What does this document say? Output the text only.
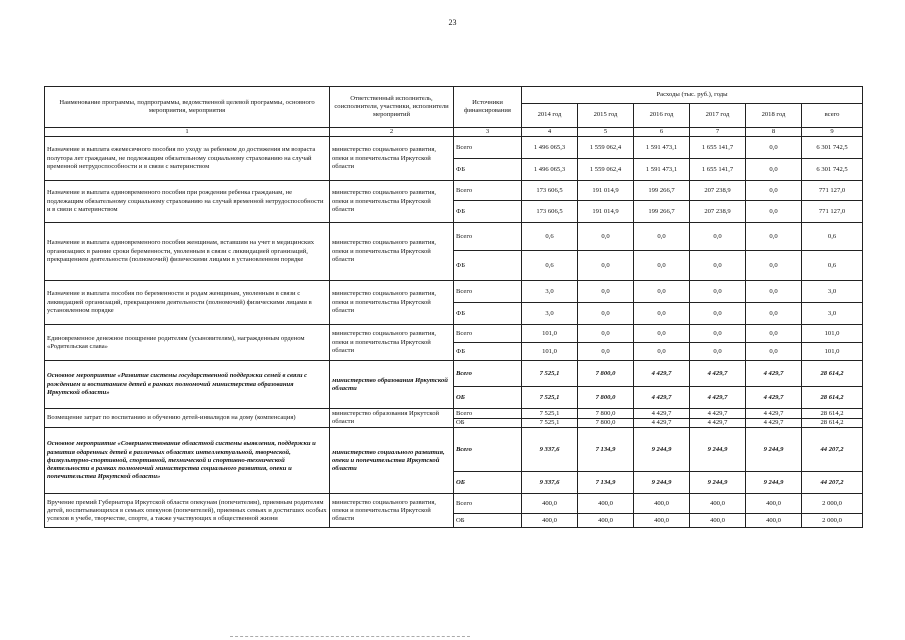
23
Наименование программы, подпрограммы, ведомственной целевой программы, основного мероприятия, мероприятия	Ответственный исполнитель, соисполнители, участники, исполнители мероприятий	Источники финансирования	Расходы (тыс. руб.), годы					
			2014 год	2015 год	2016 год	2017 год	2018 год	всего
1	2	3	4	5	6	7	8	9
Назначение и выплата ежемесячного пособия по уходу за ребенком до достижения им возраста полутора лет гражданам, не подлежащим обязательному социальному страхованию на случай временной нетрудоспособности и в связи с материнством	министерство социального развития, опеки и попечительства Иркутской области	Всего	1 496 065,3	1 559 062,4	1 591 473,1	1 655 141,7	0,0	6 301 742,5
		ФБ	1 496 065,3	1 559 062,4	1 591 473,1	1 655 141,7	0,0	6 301 742,5
Назначение и выплата единовременного пособия при рождении ребенка гражданам, не подлежащим обязательному социальному страхованию на случай временной нетрудоспособности и в связи с материнством	министерство социального развития, опеки и попечительства Иркутской области	Всего	173 606,5	191 014,9	199 266,7	207 238,9	0,0	771 127,0
		ФБ	173 606,5	191 014,9	199 266,7	207 238,9	0,0	771 127,0
Назначение и выплата единовременного пособия женщинам, вставшим на учет в медицинских организациях в ранние сроки беременности, уволенным в связи с ликвидацией организаций, прекращением деятельности (полномочий) физическими лицами в установленном порядке	министерство социального развития, опеки и попечительства Иркутской области	Всего	0,6	0,0	0,0	0,0	0,0	0,6
		ФБ	0,6	0,0	0,0	0,0	0,0	0,6
Назначение и выплата пособия по беременности и родам женщинам, уволенным в связи с ликвидацией организаций, прекращением деятельности (полномочий) физическими лицами в установленном порядке	министерство социального развития, опеки и попечительства Иркутской области	Всего	3,0	0,0	0,0	0,0	0,0	3,0
		ФБ	3,0	0,0	0,0	0,0	0,0	3,0
Единовременное денежное поощрение родителям (усыновителям), награжденным орденом «Родительская слава»	министерство социального развития, опеки и попечительства Иркутской области	Всего	101,0	0,0	0,0	0,0	0,0	101,0
		ФБ	101,0	0,0	0,0	0,0	0,0	101,0
Основное мероприятие «Развитие системы государственной поддержки семей в связи с рождением и воспитанием детей в рамках полномочий министерства образования Иркутской области»	министерство образования Иркутской области	Всего	7 525,1	7 800,0	4 429,7	4 429,7	4 429,7	28 614,2
		ОБ	7 525,1	7 800,0	4 429,7	4 429,7	4 429,7	28 614,2
Возмещение затрат по воспитанию и обучению детей-инвалидов на дому (компенсация)	министерство образования Иркутской области	Всего	7 525,1	7 800,0	4 429,7	4 429,7	4 429,7	28 614,2
		ОБ	7 525,1	7 800,0	4 429,7	4 429,7	4 429,7	28 614,2
Основное мероприятие «Совершенствование областной системы выявления, поддержки и развития одаренных детей в различных областях интеллектуальной, творческой, физкультурно-спортивной, спортивной, технической и спортивно-технической деятельности в рамках полномочий министерства социального развития, опеки и попечительства Иркутской области»	министерство социального развития, опеки и попечительства Иркутской области	Всего	9 337,6	7 134,9	9 244,9	9 244,9	9 244,9	44 207,2
		ОБ	9 337,6	7 134,9	9 244,9	9 244,9	9 244,9	44 207,2
Вручение премий Губернатора Иркутской области опекунам (попечителям), приемным родителям детей, воспитывающихся в семьях опекунов (попечителей), приемных семьях и достигших особых успехов в учебе, творчестве, спорте, а также участвующих в общественной жизни	министерство социального развития, опеки и попечительства Иркутской области	Всего	400,0	400,0	400,0	400,0	400,0	2 000,0
		ОБ	400,0	400,0	400,0	400,0	400,0	2 000,0
